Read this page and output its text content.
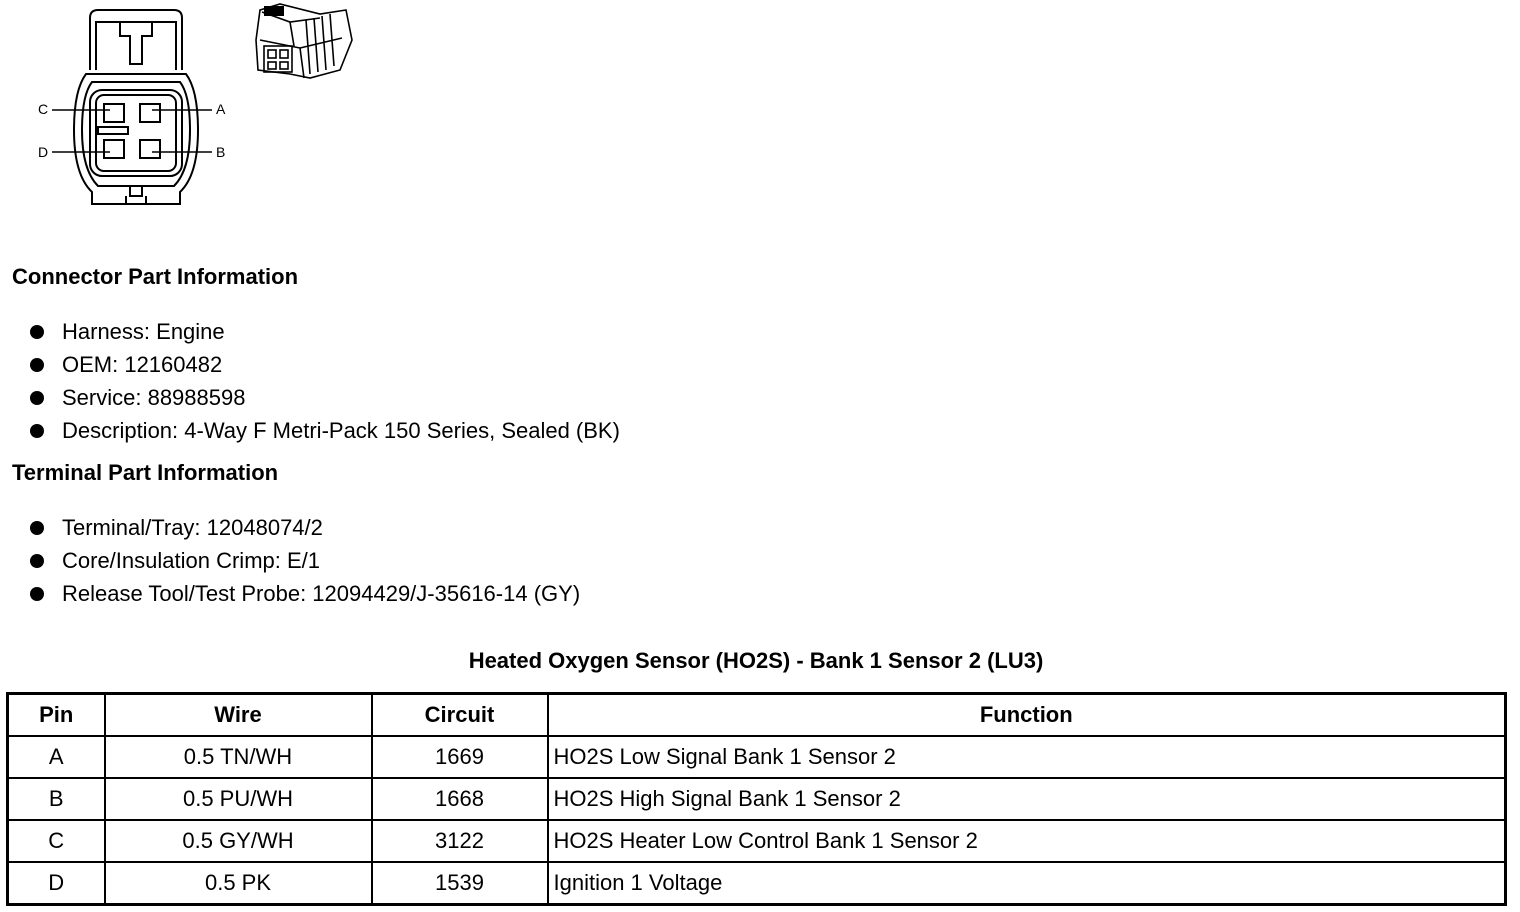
C	A
D	B
Connector Part Information
Harness: Engine
OEM: 12160482
Service: 88988598
Description: 4-Way F Metri-Pack 150 Series, Sealed (BK)
Terminal Part Information
Terminal/Tray: 12048074/2
Core/Insulation Crimp: E/1
Release Tool/Test Probe: 12094429/J-35616-14 (GY)
Heated Oxygen Sensor (HO2S) - Bank 1 Sensor 2 (LU3)
Pin	Wire	Circuit	Function
A	0.5 TN/WH	1669	HO2S Low Signal Bank 1 Sensor 2
B	0.5 PU/WH	1668	HO2S High Signal Bank 1 Sensor 2
C	0.5 GY/WH	3122	HO2S Heater Low Control Bank 1 Sensor 2
D	0.5 PK	1539	Ignition 1 Voltage
